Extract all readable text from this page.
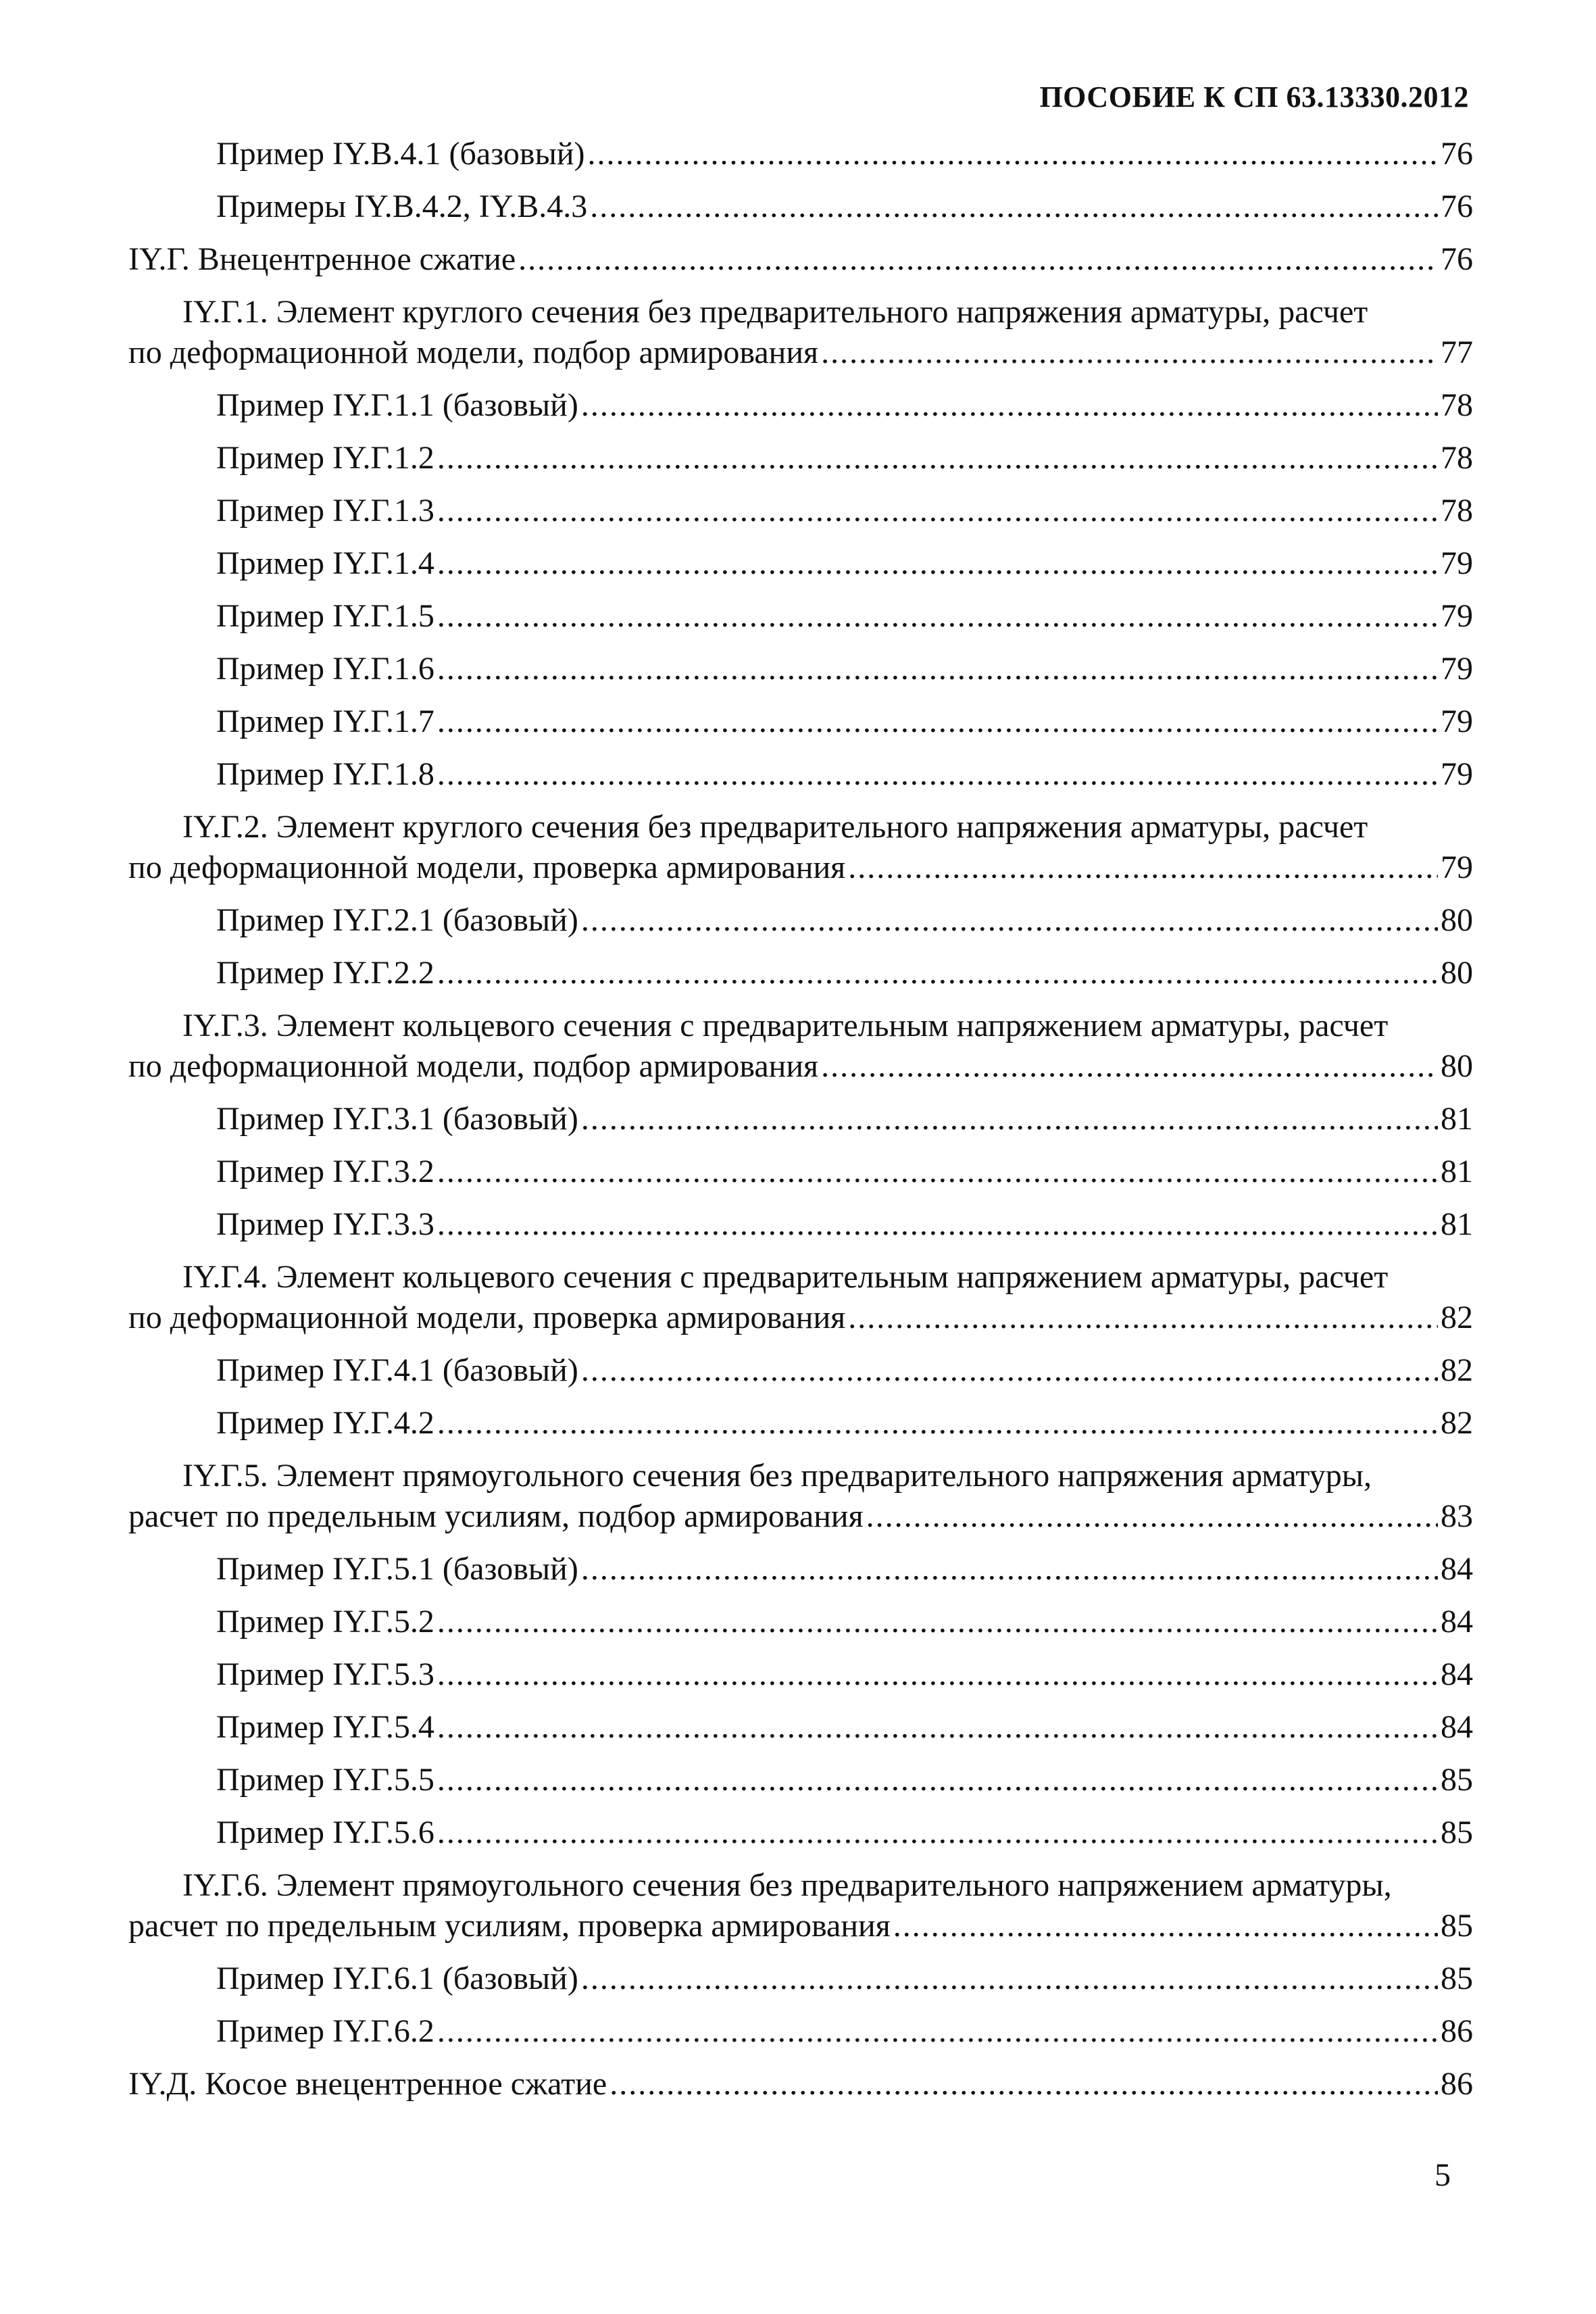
ПОСОБИЕ К СП 63.13330.2012
Пример IY.B.4.1 (базовый) .....	76
Примеры IY.B.4.2, IY.B.4.3 .....	76
IY.Г. Внецентренное сжатие .....	76
IY.Г.1. Элемент круглого сечения без предварительного напряжения арматуры, расчет
по деформационной модели, подбор армирования .....	77
Пример IY.Г.1.1 (базовый) .....	78
Пример IY.Г.1.2 .....	78
Пример IY.Г.1.3 .....	78
Пример IY.Г.1.4 .....	79
Пример IY.Г.1.5 .....	79
Пример IY.Г.1.6 .....	79
Пример IY.Г.1.7 .....	79
Пример IY.Г.1.8 .....	79
IY.Г.2. Элемент круглого сечения без предварительного напряжения арматуры, расчет
по деформационной модели, проверка армирования .....	79
Пример IY.Г.2.1 (базовый) .....	80
Пример IY.Г.2.2 .....	80
IY.Г.3. Элемент кольцевого сечения с предварительным напряжением арматуры, расчет
по деформационной модели, подбор армирования .....	80
Пример IY.Г.3.1 (базовый) .....	81
Пример IY.Г.3.2 .....	81
Пример IY.Г.3.3 .....	81
IY.Г.4. Элемент кольцевого сечения с предварительным напряжением арматуры, расчет
по деформационной модели, проверка армирования .....	82
Пример IY.Г.4.1 (базовый) .....	82
Пример IY.Г.4.2 .....	82
IY.Г.5. Элемент прямоугольного сечения без предварительного напряжения арматуры,
расчет по предельным усилиям, подбор армирования .....	83
Пример IY.Г.5.1 (базовый) .....	84
Пример IY.Г.5.2 .....	84
Пример IY.Г.5.3 .....	84
Пример IY.Г.5.4 .....	84
Пример IY.Г.5.5 .....	85
Пример IY.Г.5.6 .....	85
IY.Г.6. Элемент прямоугольного сечения без предварительного напряжением арматуры,
расчет по предельным усилиям, проверка армирования .....	85
Пример IY.Г.6.1 (базовый) .....	85
Пример IY.Г.6.2 .....	86
IY.Д. Косое внецентренное сжатие .....	86
5
